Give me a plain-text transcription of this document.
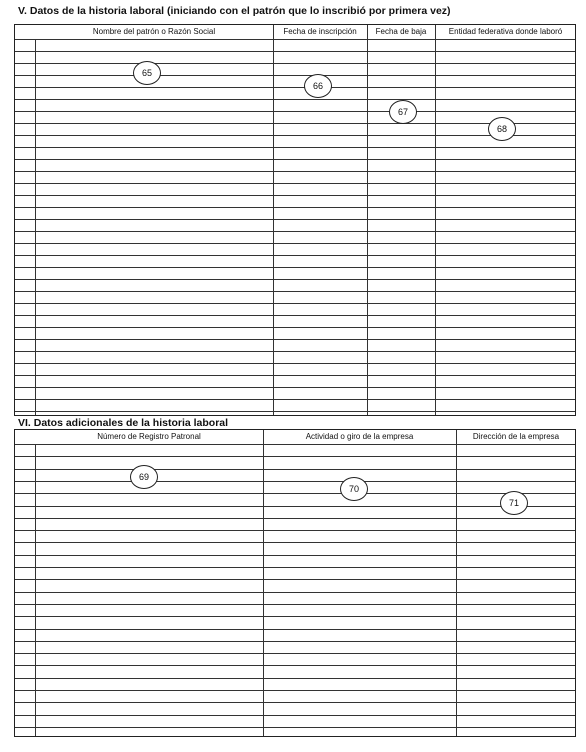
V. Datos de la historia laboral (iniciando con el patrón que lo inscribió por primera vez)
Nombre del patrón o Razón Social	Fecha de inscripción	Fecha de baja	Entidad federativa donde laboró
65
66
67
68
VI. Datos adicionales de la historia laboral
Número de Registro Patronal	Actividad o giro de la empresa	Dirección de la empresa
69
70
71
